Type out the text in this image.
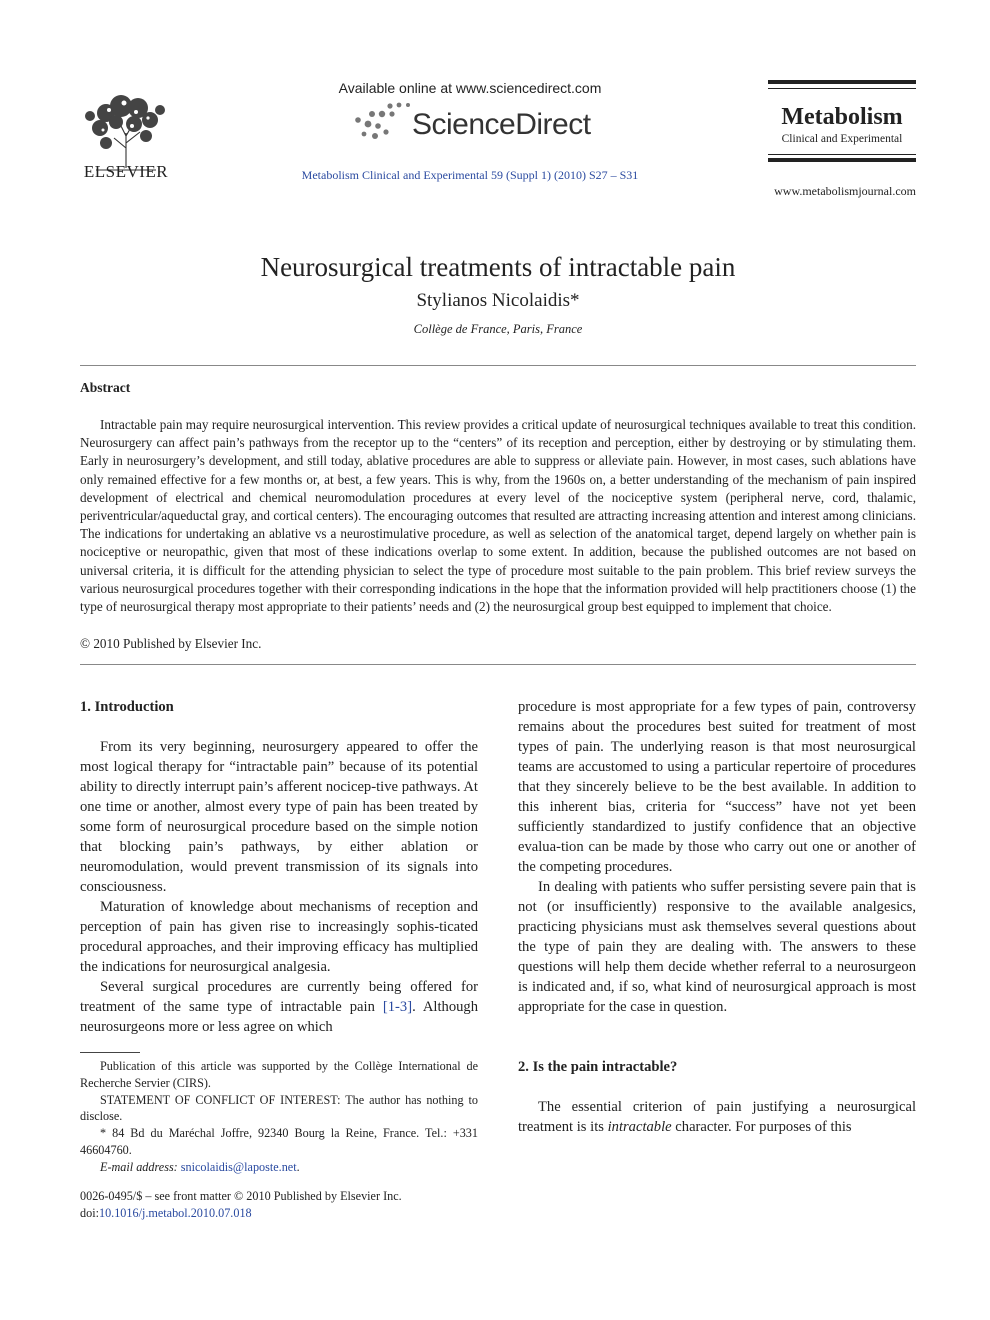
ELSEVIER
Available online at www.sciencedirect.com
ScienceDirect
Metabolism Clinical and Experimental 59 (Suppl 1) (2010) S27 – S31
Metabolism
Clinical and Experimental
www.metabolismjournal.com
Neurosurgical treatments of intractable pain
Stylianos Nicolaidis*
Collège de France, Paris, France
Abstract
Intractable pain may require neurosurgical intervention. This review provides a critical update of neurosurgical techniques available to treat this condition. Neurosurgery can affect pain’s pathways from the receptor up to the “centers” of its reception and perception, either by destroying or by stimulating them. Early in neurosurgery’s development, and still today, ablative procedures are able to suppress or alleviate pain. However, in most cases, such ablations have only remained effective for a few months or, at best, a few years. This is why, from the 1960s on, a better understanding of the mechanism of pain inspired development of electrical and chemical neuromodulation procedures at every level of the nociceptive system (peripheral nerve, cord, thalamic, periventricular/aqueductal gray, and cortical centers). The encouraging outcomes that resulted are attracting increasing attention and interest among clinicians. The indications for undertaking an ablative vs a neurostimulative procedure, as well as selection of the anatomical target, depend largely on whether pain is nociceptive or neuropathic, given that most of these indications overlap to some extent. In addition, because the published outcomes are not based on universal criteria, it is difficult for the attending physician to select the type of procedure most suitable to the pain problem. This brief review surveys the various neurosurgical procedures together with their corresponding indications in the hope that the information provided will help practitioners choose (1) the type of neurosurgical therapy most appropriate to their patients’ needs and (2) the neurosurgical group best equipped to implement that choice.
© 2010 Published by Elsevier Inc.
1. Introduction

From its very beginning, neurosurgery appeared to offer the most logical therapy for “intractable pain” because of its potential ability to directly interrupt pain’s afferent nocicep-tive pathways. At one time or another, almost every type of pain has been treated by some form of neurosurgical procedure based on the simple notion that blocking pain’s pathways, by either ablation or neuromodulation, would prevent transmission of its signals into consciousness.

Maturation of knowledge about mechanisms of reception and perception of pain has given rise to increasingly sophis-ticated procedural approaches, and their improving efficacy has multiplied the indications for neurosurgical analgesia.

Several surgical procedures are currently being offered for treatment of the same type of intractable pain [1-3]. Although neurosurgeons more or less agree on which

Publication of this article was supported by the Collège International de Recherche Servier (CIRS).

STATEMENT OF CONFLICT OF INTEREST: The author has nothing to disclose.

* 84 Bd du Maréchal Joffre, 92340 Bourg la Reine, France. Tel.: +331 46604760.

E-mail address: snicolaidis@laposte.net.

0026-0495/$ – see front matter © 2010 Published by Elsevier Inc.
doi:10.1016/j.metabol.2010.07.018

procedure is most appropriate for a few types of pain, controversy remains about the procedures best suited for treatment of most types of pain. The underlying reason is that most neurosurgical teams are accustomed to using a particular repertoire of procedures that they sincerely believe to be the best available. In addition to this inherent bias, criteria for “success” have not yet been sufficiently standardized to justify confidence that an objective evalua-tion can be made by those who carry out one or another of the competing procedures.

In dealing with patients who suffer persisting severe pain that is not (or insufficiently) responsive to the available analgesics, practicing physicians must ask themselves several questions about the type of pain they are dealing with. The answers to these questions will help them decide whether referral to a neurosurgeon is indicated and, if so, what kind of neurosurgical approach is most appropriate for the case in question.

2. Is the pain intractable?

The essential criterion of pain justifying a neurosurgical treatment is its intractable character. For purposes of this
